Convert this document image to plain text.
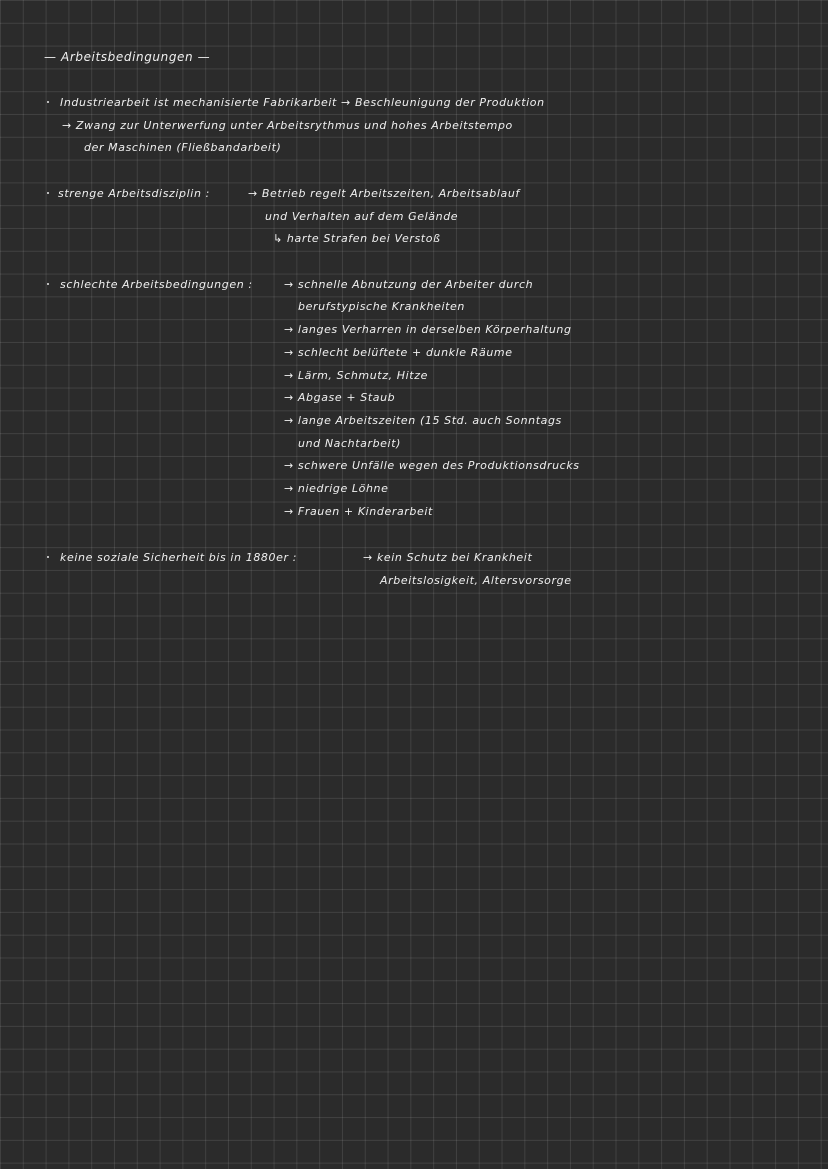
— Arbeitsbedingungen —
Industriearbeit ist mechanisierte Fabrikarbeit → Beschleunigung der Produktion
→ Zwang zur Unterwerfung unter Arbeitsrythmus und hohes Arbeitstempo
der Maschinen (Fließbandarbeit)
strenge Arbeitsdisziplin :	→ Betrieb regelt Arbeitszeiten, Arbeitsablauf
und Verhalten auf dem Gelände
↳ harte Strafen bei Verstoß
schlechte Arbeitsbedingungen :	→ schnelle Abnutzung der Arbeiter durch
berufstypische Krankheiten
→ langes Verharren in derselben Körperhaltung
→ schlecht belüftete + dunkle Räume
→ Lärm, Schmutz, Hitze
→ Abgase + Staub
→ lange Arbeitszeiten (15 Std. auch Sonntags
und Nachtarbeit)
→ schwere Unfälle wegen des Produktionsdrucks
→ niedrige Löhne
→ Frauen + Kinderarbeit
keine soziale Sicherheit bis in 1880er :	→ kein Schutz bei Krankheit
Arbeitslosigkeit, Altersvorsorge
